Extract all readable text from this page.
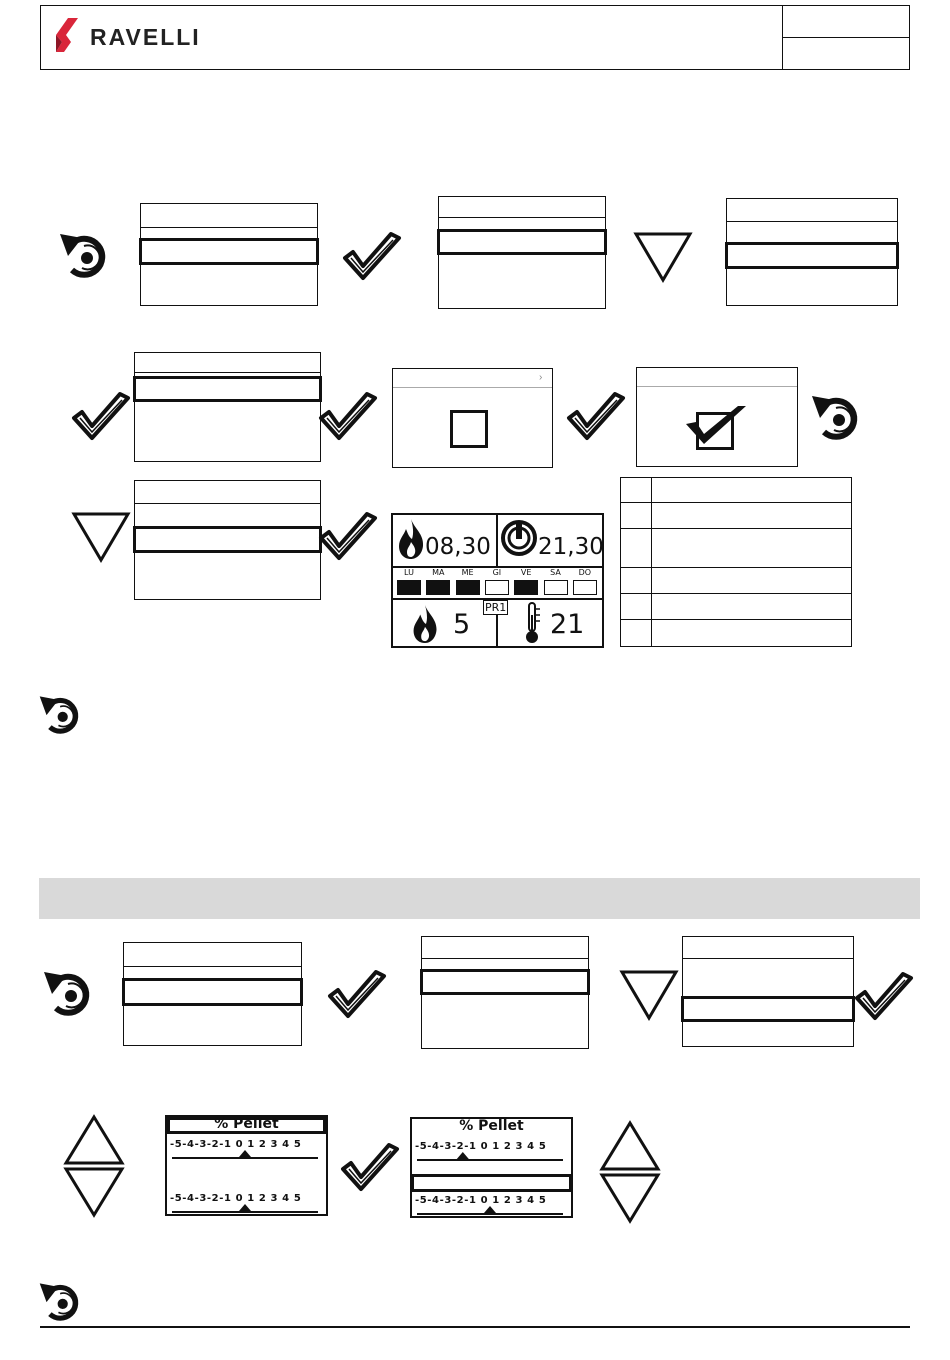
RAVELLI
›
08,30 21,30
LU	MA	ME	GI	VE	SA	DO
5
PR1
21
% Pellet
-5-4-3-2-1 0 1 2 3 4 5
-5-4-3-2-1 0 1 2 3 4 5
% Pellet
-5-4-3-2-1 0 1 2 3 4 5
-5-4-3-2-1 0 1 2 3 4 5
